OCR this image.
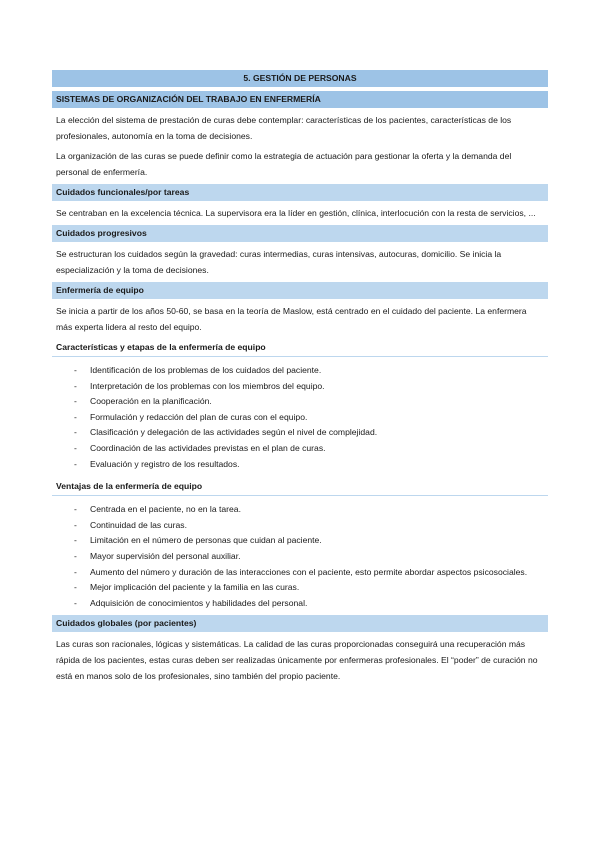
5. GESTIÓN DE PERSONAS
SISTEMAS DE ORGANIZACIÓN DEL TRABAJO EN ENFERMERÍA

La elección del sistema de prestación de curas debe contemplar: características de los pacientes, características de los profesionales, autonomía en la toma de decisiones.

La organización de las curas se puede definir como la estrategia de actuación para gestionar la oferta y la demanda del personal de enfermería.

Cuidados funcionales/por tareas

Se centraban en la excelencia técnica. La supervisora era la líder en gestión, clínica, interlocución con la resta de servicios, ...

Cuidados progresivos

Se estructuran los cuidados según la gravedad: curas intermedias, curas intensivas, autocuras, domicilio. Se inicia la especialización y la toma de decisiones.

Enfermería de equipo

Se inicia a partir de los años 50-60, se basa en la teoría de Maslow, está centrado en el cuidado del paciente. La enfermera más experta lidera al resto del equipo.

Características y etapas de la enfermería de equipo
- Identificación de los problemas de los cuidados del paciente.
- Interpretación de los problemas con los miembros del equipo.
- Cooperación en la planificación.
- Formulación y redacción del plan de curas con el equipo.
- Clasificación y delegación de las actividades según el nivel de complejidad.
- Coordinación de las actividades previstas en el plan de curas.
- Evaluación y registro de los resultados.
Ventajas de la enfermería de equipo
- Centrada en el paciente, no en la tarea.
- Continuidad de las curas.
- Limitación en el número de personas que cuidan al paciente.
- Mayor supervisión del personal auxiliar.
- Aumento del número y duración de las interacciones con el paciente, esto permite abordar aspectos psicosociales.
- Mejor implicación del paciente y la familia en las curas.
- Adquisición de conocimientos y habilidades del personal.
Cuidados globales (por pacientes)

Las curas son racionales, lógicas y sistemáticas. La calidad de las curas proporcionadas conseguirá una recuperación más rápida de los pacientes, estas curas deben ser realizadas únicamente por enfermeras profesionales. El “poder” de curación no está en manos solo de los profesionales, sino también del propio paciente.
